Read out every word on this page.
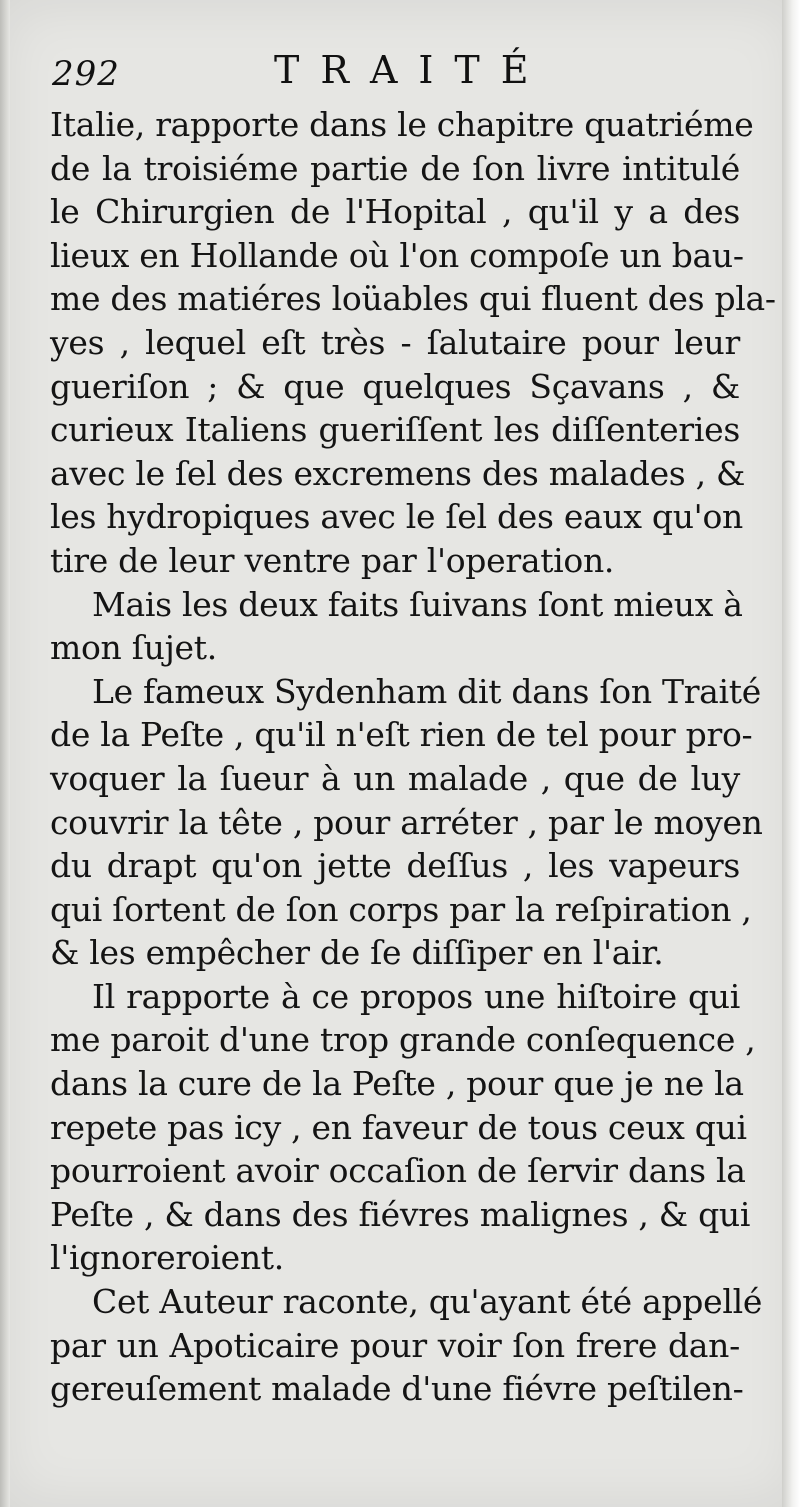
292	TRAITÉ
Italie, rapporte dans le chapitre quatriéme
de la troisiéme partie de ſon livre intitulé
le Chirurgien de l'Hopital , qu'il y a des
lieux en Hollande où l'on compoſe un bau-
me des matiéres loüables qui fluent des pla-
yes , lequel eſt très - ſalutaire pour leur
gueriſon ; & que quelques Sçavans , &
curieux Italiens gueriſſent les diſſenteries
avec le ſel des excremens des malades , &
les hydropiques avec le ſel des eaux qu'on
tire de leur ventre par l'operation.
Mais les deux faits ſuivans ſont mieux à
mon ſujet.
Le fameux Sydenham dit dans ſon Traité
de la Peſte , qu'il n'eſt rien de tel pour pro-
voquer la ſueur à un malade , que de luy
couvrir la tête , pour arréter , par le moyen
du drapt qu'on jette deſſus , les vapeurs
qui ſortent de ſon corps par la reſpiration ,
& les empêcher de ſe diſſiper en l'air.
Il rapporte à ce propos une hiſtoire qui
me paroit d'une trop grande conſequence ,
dans la cure de la Peſte , pour que je ne la
repete pas icy , en faveur de tous ceux qui
pourroient avoir occaſion de ſervir dans la
Peſte , & dans des fiévres malignes , & qui
l'ignoreroient.
Cet Auteur raconte, qu'ayant été appellé
par un Apoticaire pour voir ſon frere dan-
gereuſement malade d'une fiévre peſtilen-
